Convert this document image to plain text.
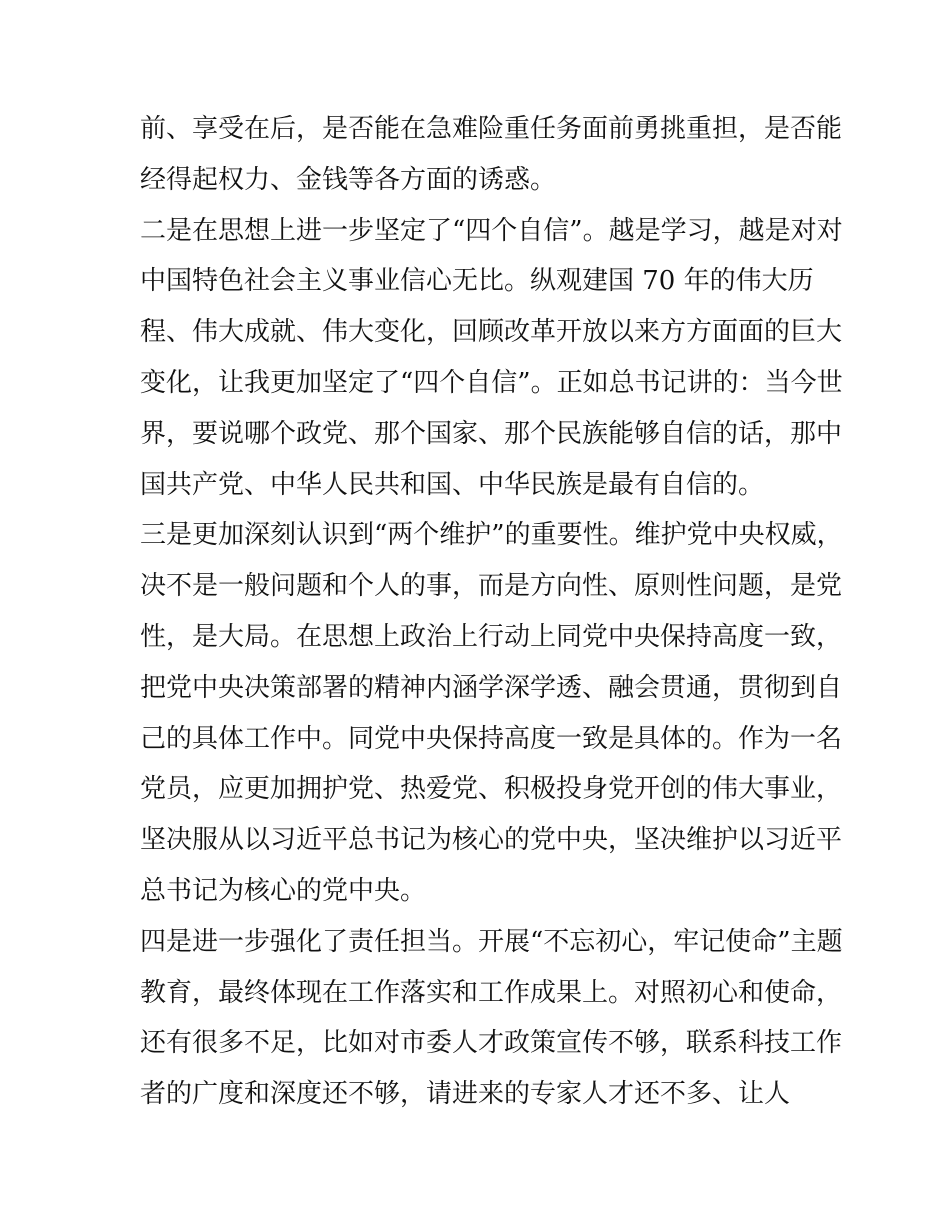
前、享受在后，是否能在急难险重任务面前勇挑重担，是否能
经得起权力、金钱等各方面的诱惑。
二是在思想上进一步坚定了“四个自信”。越是学习，越是对对
中国特色社会主义事业信心无比。纵观建国 70 年的伟大历
程、伟大成就、伟大变化，回顾改革开放以来方方面面的巨大
变化，让我更加坚定了“四个自信”。正如总书记讲的：当今世
界，要说哪个政党、那个国家、那个民族能够自信的话，那中
国共产党、中华人民共和国、中华民族是最有自信的。
三是更加深刻认识到“两个维护”的重要性。维护党中央权威，
决不是一般问题和个人的事，而是方向性、原则性问题，是党
性，是大局。在思想上政治上行动上同党中央保持高度一致，
把党中央决策部署的精神内涵学深学透、融会贯通，贯彻到自
己的具体工作中。同党中央保持高度一致是具体的。作为一名
党员，应更加拥护党、热爱党、积极投身党开创的伟大事业，
坚决服从以习近平总书记为核心的党中央，坚决维护以习近平
总书记为核心的党中央。
四是进一步强化了责任担当。开展“不忘初心，牢记使命”主题
教育，最终体现在工作落实和工作成果上。对照初心和使命，
还有很多不足，比如对市委人才政策宣传不够，联系科技工作
者的广度和深度还不够，请进来的专家人才还不多、让人
